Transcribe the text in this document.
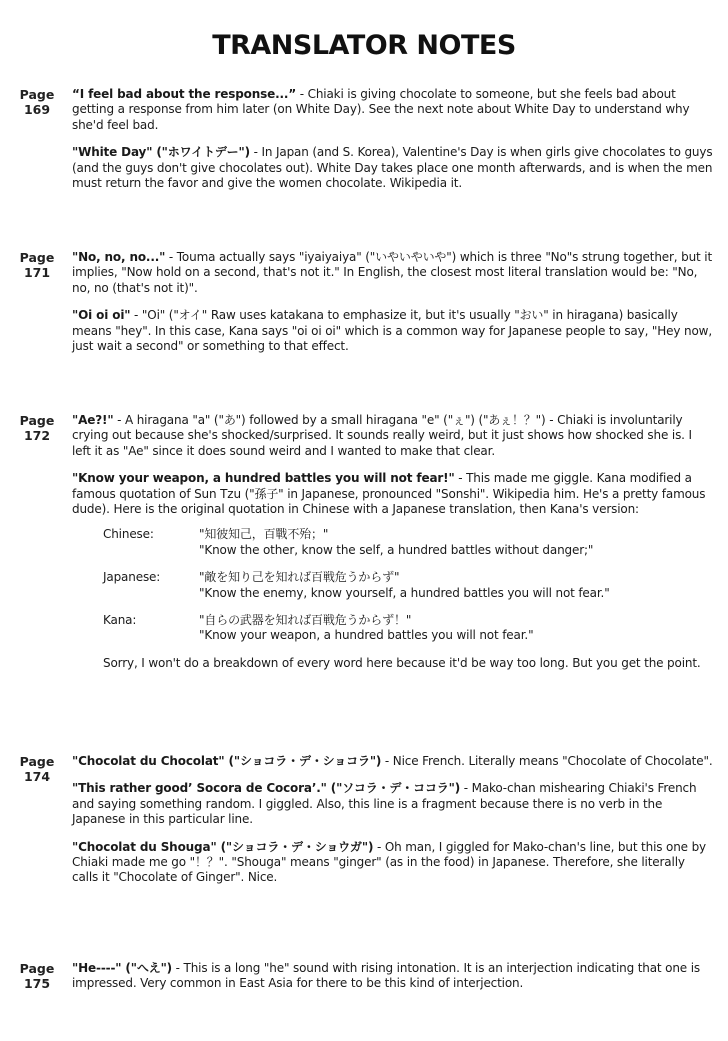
TRANSLATOR NOTES
Page
169

“I feel bad about the response...” - Chiaki is giving chocolate to someone, but she feels bad about getting a response from him later (on White Day). See the next note about White Day to understand why she'd feel bad.

"White Day" ("ホワイトデー") - In Japan (and S. Korea), Valentine's Day is when girls give chocolates to guys (and the guys don't give chocolates out). White Day takes place one month afterwards, and is when the men must return the favor and give the women chocolate. Wikipedia it.

Page
171

"No, no, no..." - Touma actually says "iyaiyaiya" ("いやいやいや") which is three "No"s strung together, but it implies, "Now hold on a second, that's not it." In English, the closest most literal translation would be: "No, no, no (that's not it)".

"Oi oi oi" - "Oi" ("オイ" Raw uses katakana to emphasize it, but it's usually "おい" in hiragana) basically means "hey". In this case, Kana says "oi oi oi" which is a common way for Japanese people to say, "Hey now, just wait a second" or something to that effect.

Page
172

"Ae?!" - A hiragana "a" ("あ") followed by a small hiragana "e" ("ぇ") ("あぇ！？") - Chiaki is involuntarily crying out because she's shocked/surprised. It sounds really weird, but it just shows how shocked she is. I left it as "Ae" since it does sound weird and I wanted to make that clear.

"Know your weapon, a hundred battles you will not fear!" - This made me giggle. Kana modified a famous quotation of Sun Tzu ("孫子" in Japanese, pronounced "Sonshi". Wikipedia him. He's a pretty famous dude). Here is the original quotation in Chinese with a Japanese translation, then Kana's version:

Chinese:	"知彼知己，百戰不殆；"
"Know the other, know the self, a hundred battles without danger;"
Japanese:	"敵を知り己を知れば百戦危うからず"
"Know the enemy, know yourself, a hundred battles you will not fear."
Kana:	"自らの武器を知れば百戦危うからず！"
"Know your weapon, a hundred battles you will not fear."

Sorry, I won't do a breakdown of every word here because it'd be way too long. But you get the point.

Page
174

"Chocolat du Chocolat" ("ショコラ・デ・ショコラ") - Nice French. Literally means "Chocolate of Chocolate".

"This rather good’ Socora de Cocora’." ("ソコラ・デ・ココラ") - Mako-chan mishearing Chiaki's French and saying something random. I giggled. Also, this line is a fragment because there is no verb in the Japanese in this particular line.

"Chocolat du Shouga" ("ショコラ・デ・ショウガ") - Oh man, I giggled for Mako-chan's line, but this one by Chiaki made me go "！？". "Shouga" means "ginger" (as in the food) in Japanese. Therefore, she literally calls it "Chocolate of Ginger". Nice.

Page
175

"He----" ("へえ") - This is a long "he" sound with rising intonation. It is an interjection indicating that one is impressed. Very common in East Asia for there to be this kind of interjection.
